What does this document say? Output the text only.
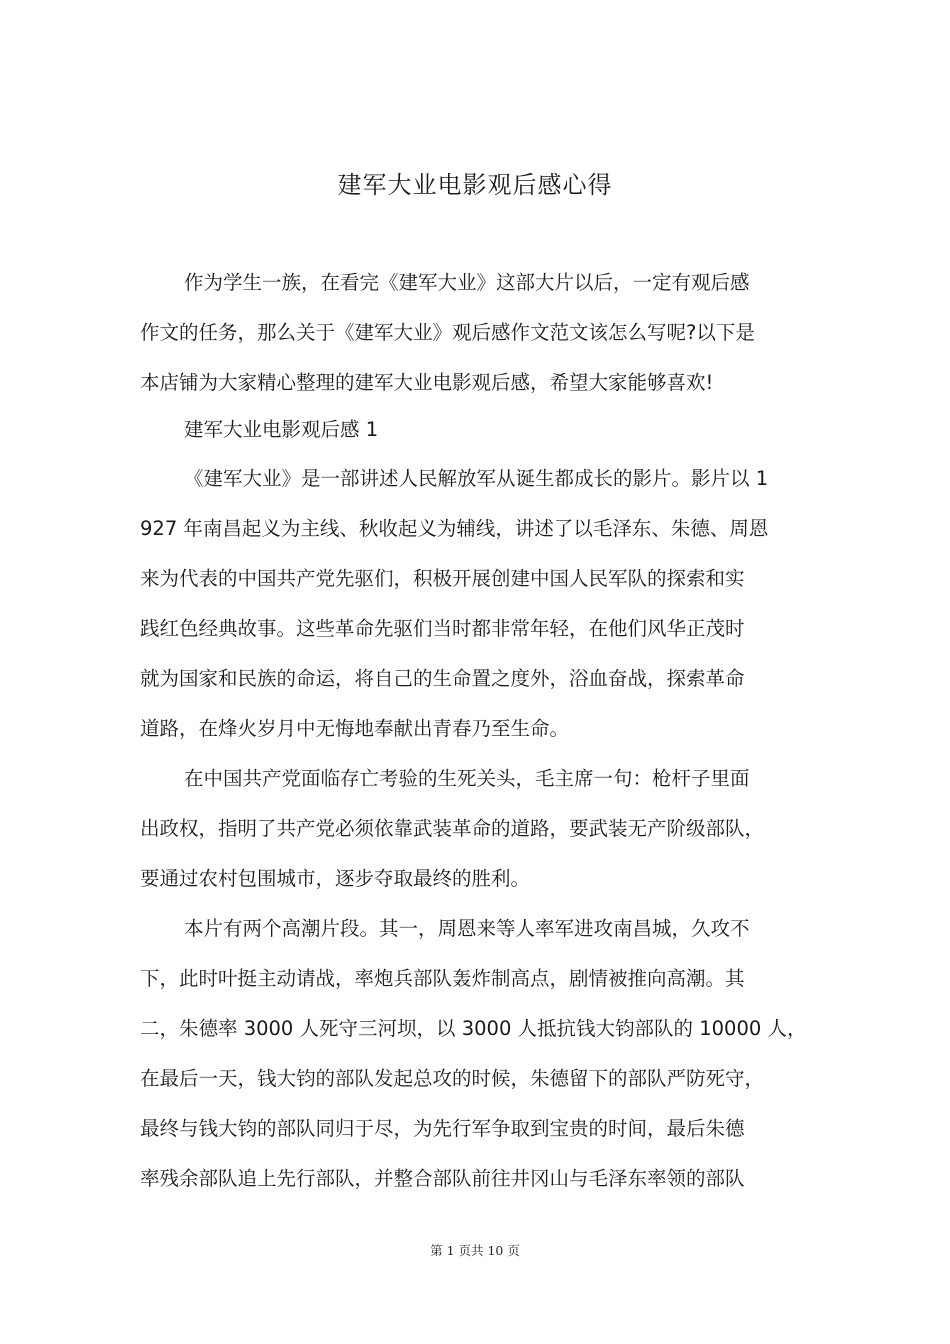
建军大业电影观后感心得
作为学生一族，在看完《建军大业》这部大片以后，一定有观后感
作文的任务，那么关于《建军大业》观后感作文范文该怎么写呢?以下是
本店铺为大家精心整理的建军大业电影观后感，希望大家能够喜欢!
建军大业电影观后感 1
《建军大业》是一部讲述人民解放军从诞生都成长的影片。影片以 1
927 年南昌起义为主线、秋收起义为辅线，讲述了以毛泽东、朱德、周恩
来为代表的中国共产党先驱们，积极开展创建中国人民军队的探索和实
践红色经典故事。这些革命先驱们当时都非常年轻，在他们风华正茂时
就为国家和民族的命运，将自己的生命置之度外，浴血奋战，探索革命
道路，在烽火岁月中无悔地奉献出青春乃至生命。
在中国共产党面临存亡考验的生死关头，毛主席一句：枪杆子里面
出政权，指明了共产党必须依靠武装革命的道路，要武装无产阶级部队，
要通过农村包围城市，逐步夺取最终的胜利。
本片有两个高潮片段。其一，周恩来等人率军进攻南昌城，久攻不
下，此时叶挺主动请战，率炮兵部队轰炸制高点，剧情被推向高潮。其
二，朱德率 3000 人死守三河坝，以 3000 人抵抗钱大钧部队的 10000 人，
在最后一天，钱大钧的部队发起总攻的时候，朱德留下的部队严防死守，
最终与钱大钧的部队同归于尽，为先行军争取到宝贵的时间，最后朱德
率残余部队追上先行部队，并整合部队前往井冈山与毛泽东率领的部队
第 1 页共 10 页
